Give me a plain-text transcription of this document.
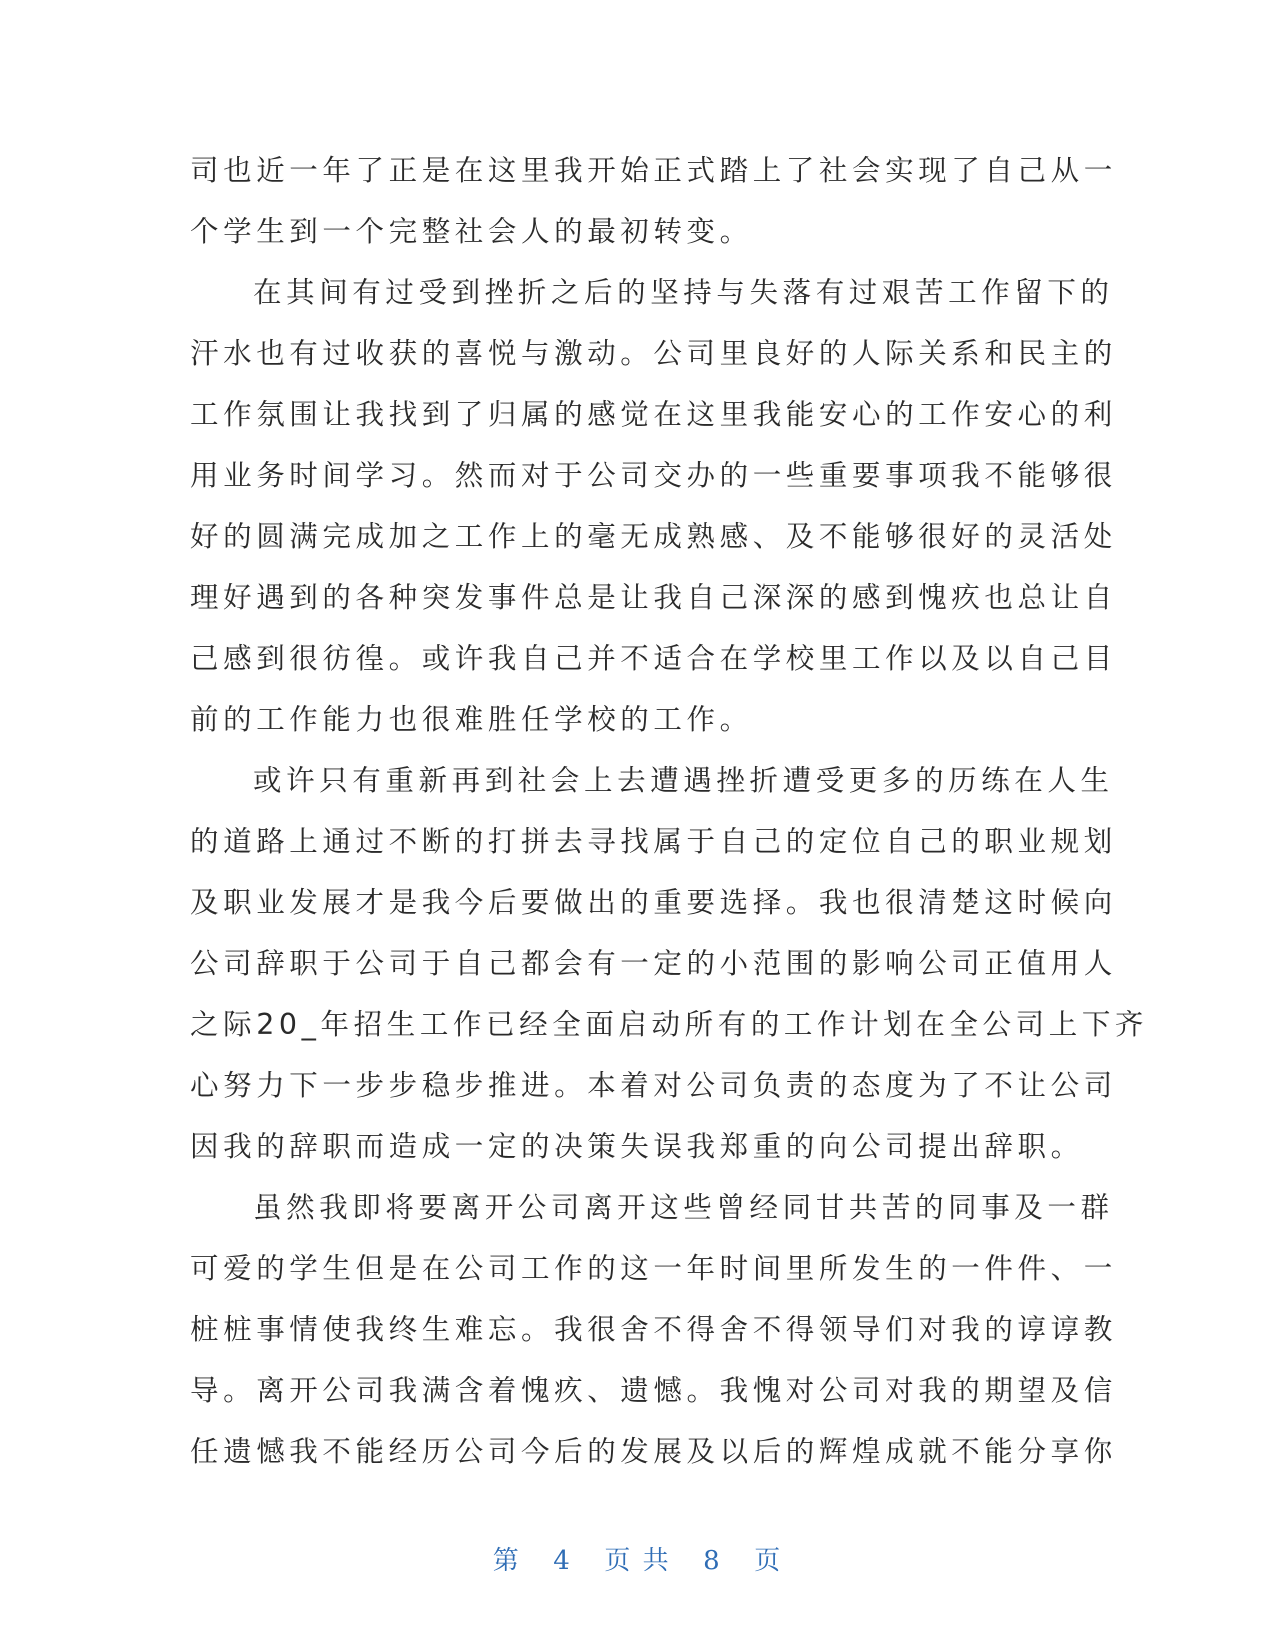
司也近一年了正是在这里我开始正式踏上了社会实现了自己从一
个学生到一个完整社会人的最初转变。
在其间有过受到挫折之后的坚持与失落有过艰苦工作留下的
汗水也有过收获的喜悦与激动。公司里良好的人际关系和民主的
工作氛围让我找到了归属的感觉在这里我能安心的工作安心的利
用业务时间学习。然而对于公司交办的一些重要事项我不能够很
好的圆满完成加之工作上的毫无成熟感、及不能够很好的灵活处
理好遇到的各种突发事件总是让我自己深深的感到愧疚也总让自
己感到很彷徨。或许我自己并不适合在学校里工作以及以自己目
前的工作能力也很难胜任学校的工作。
或许只有重新再到社会上去遭遇挫折遭受更多的历练在人生
的道路上通过不断的打拼去寻找属于自己的定位自己的职业规划
及职业发展才是我今后要做出的重要选择。我也很清楚这时候向
公司辞职于公司于自己都会有一定的小范围的影响公司正值用人
之际20_年招生工作已经全面启动所有的工作计划在全公司上下齐
心努力下一步步稳步推进。本着对公司负责的态度为了不让公司
因我的辞职而造成一定的决策失误我郑重的向公司提出辞职。
虽然我即将要离开公司离开这些曾经同甘共苦的同事及一群
可爱的学生但是在公司工作的这一年时间里所发生的一件件、一
桩桩事情使我终生难忘。我很舍不得舍不得领导们对我的谆谆教
导。离开公司我满含着愧疚、遗憾。我愧对公司对我的期望及信
任遗憾我不能经历公司今后的发展及以后的辉煌成就不能分享你
第 4 页 共 8 页
